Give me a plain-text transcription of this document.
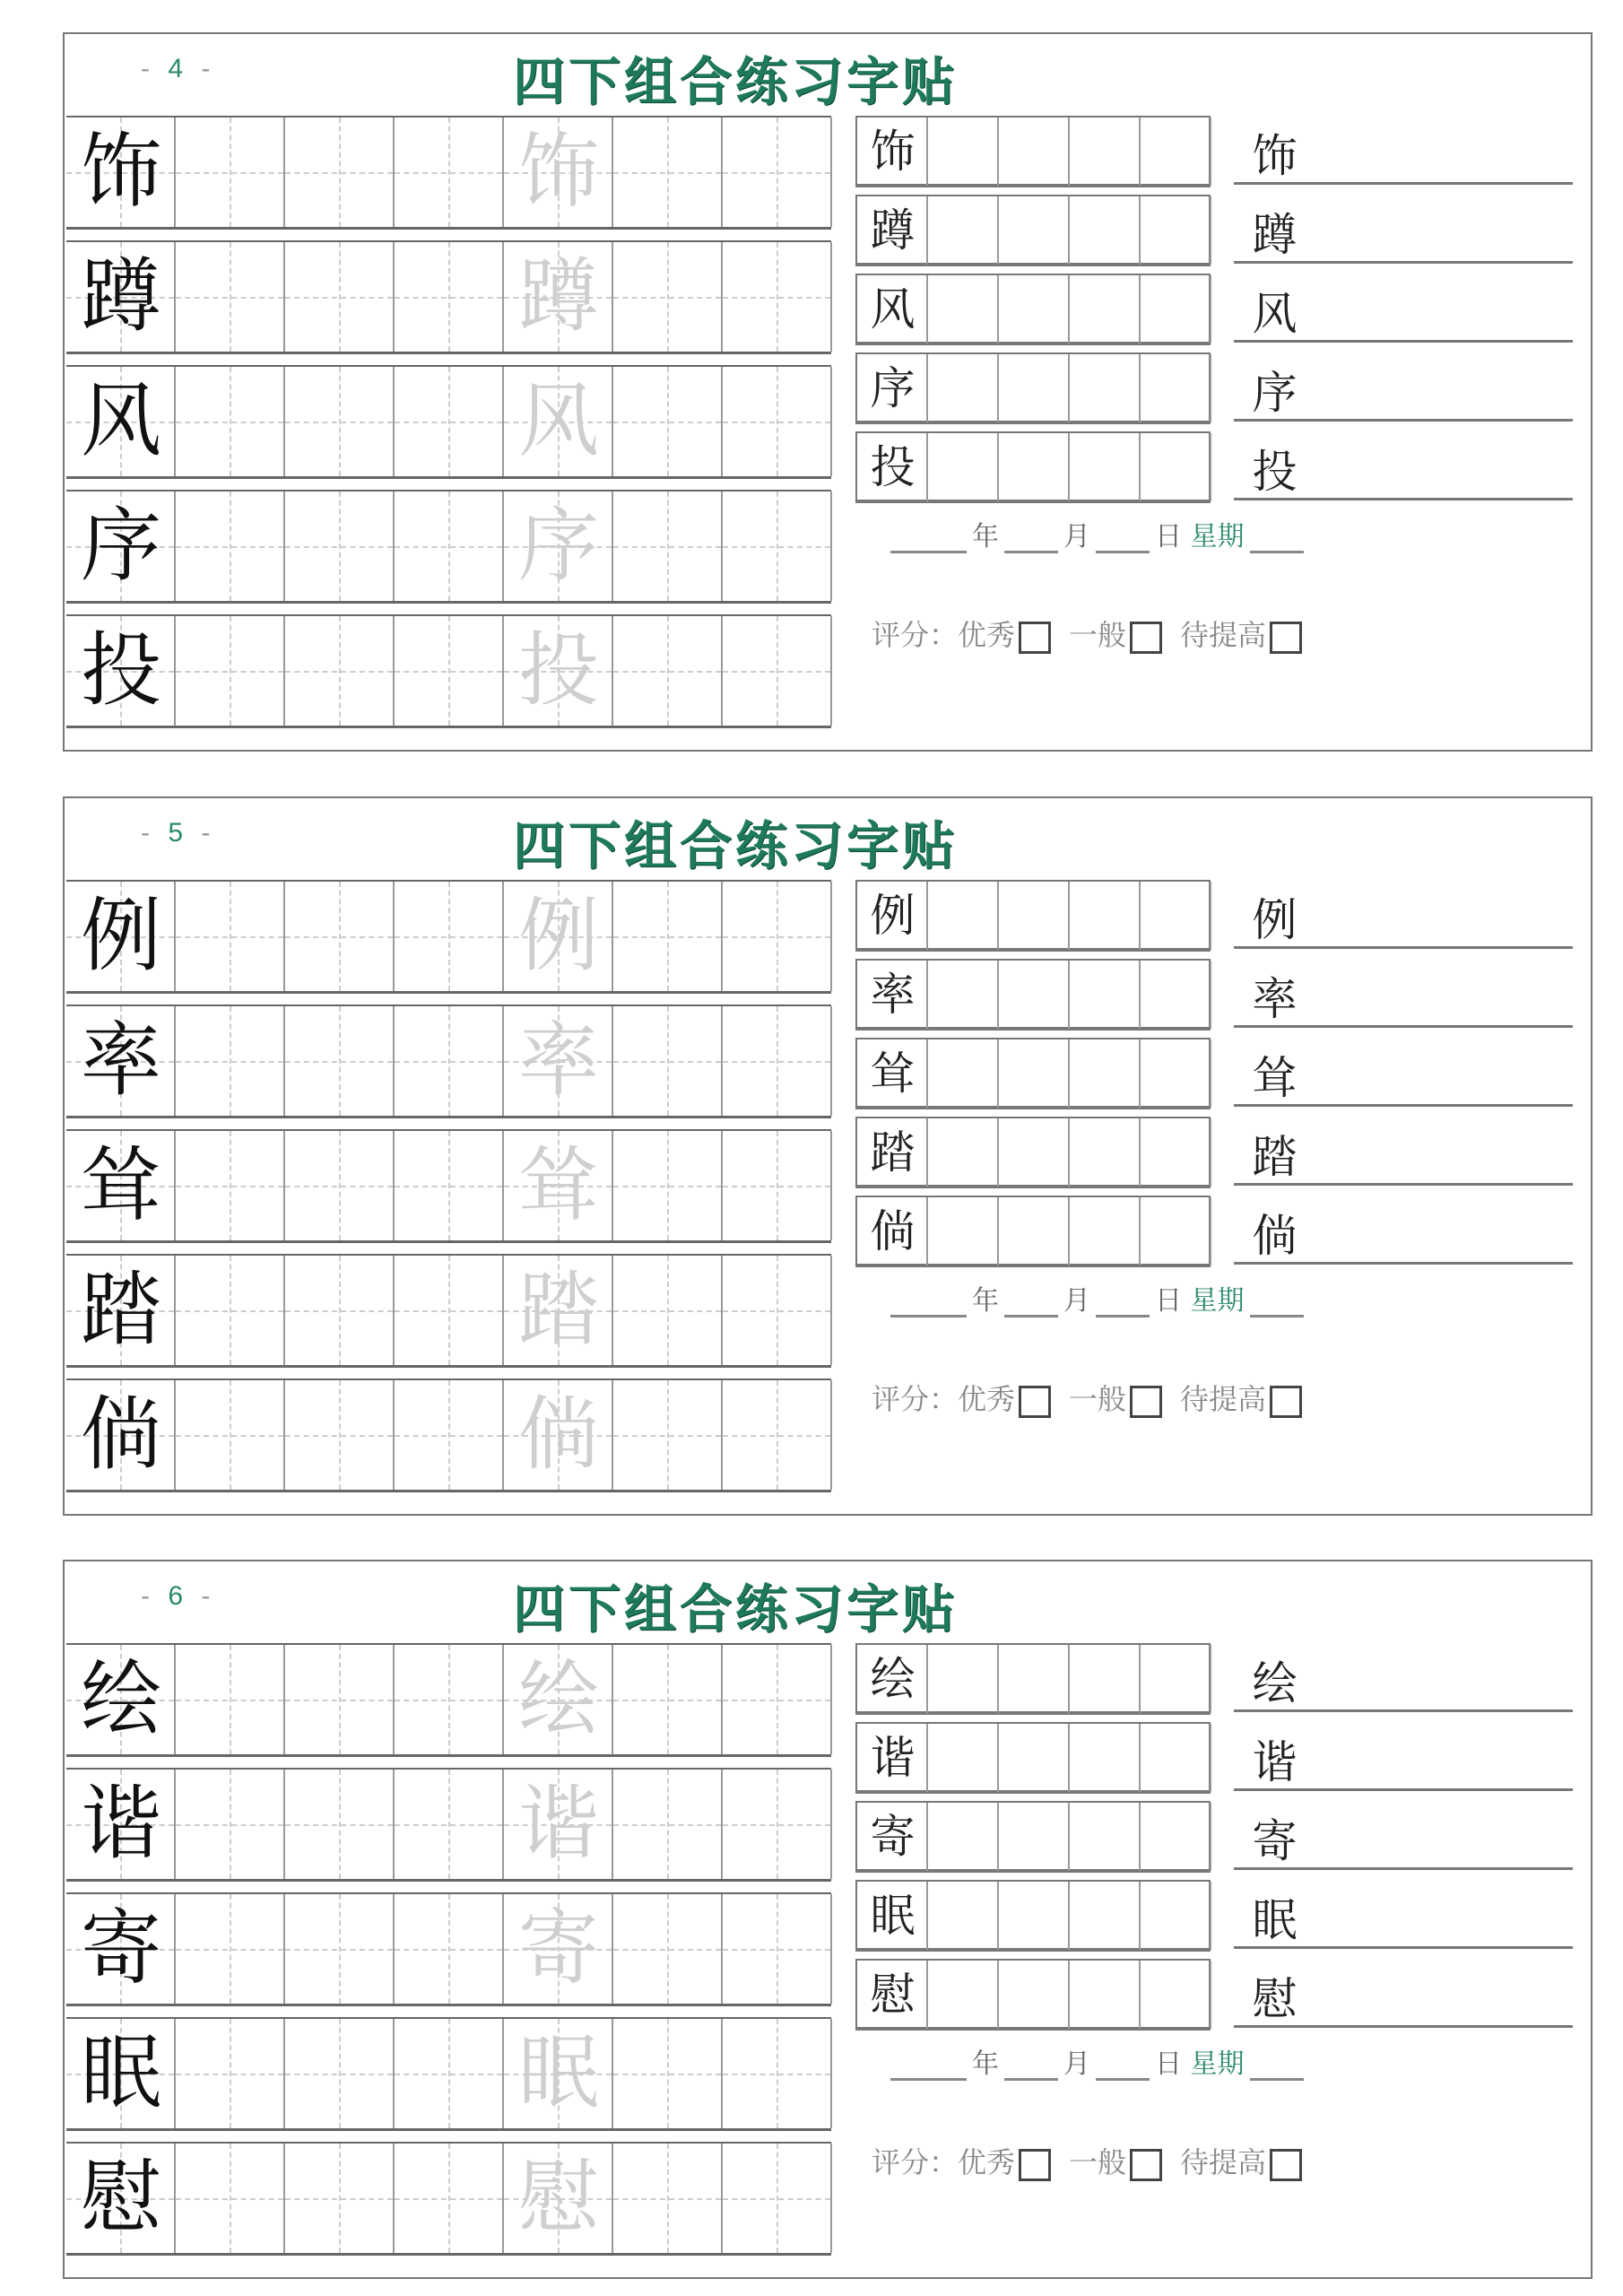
- 4 -	四下组合练习字贴
饰	饰	饰	饰
蹲	蹲
蹲	蹲
风	风
风	风
序	序
序	序
投	投
投	投
年 月 日 星期
评分：优秀 一般 待提高
- 5 -	四下组合练习字贴
例	例	例	例
率	率
率	率
耸	耸
耸	耸
踏	踏
踏	踏
倘	倘
倘	倘
年 月 日 星期
评分：优秀 一般 待提高
- 6 -	四下组合练习字贴
绘	绘	绘	绘
谐	谐
谐	谐
寄	寄
寄	寄
眠	眠
眠	眠
慰	慰
慰	慰
年 月 日 星期
评分：优秀 一般 待提高
